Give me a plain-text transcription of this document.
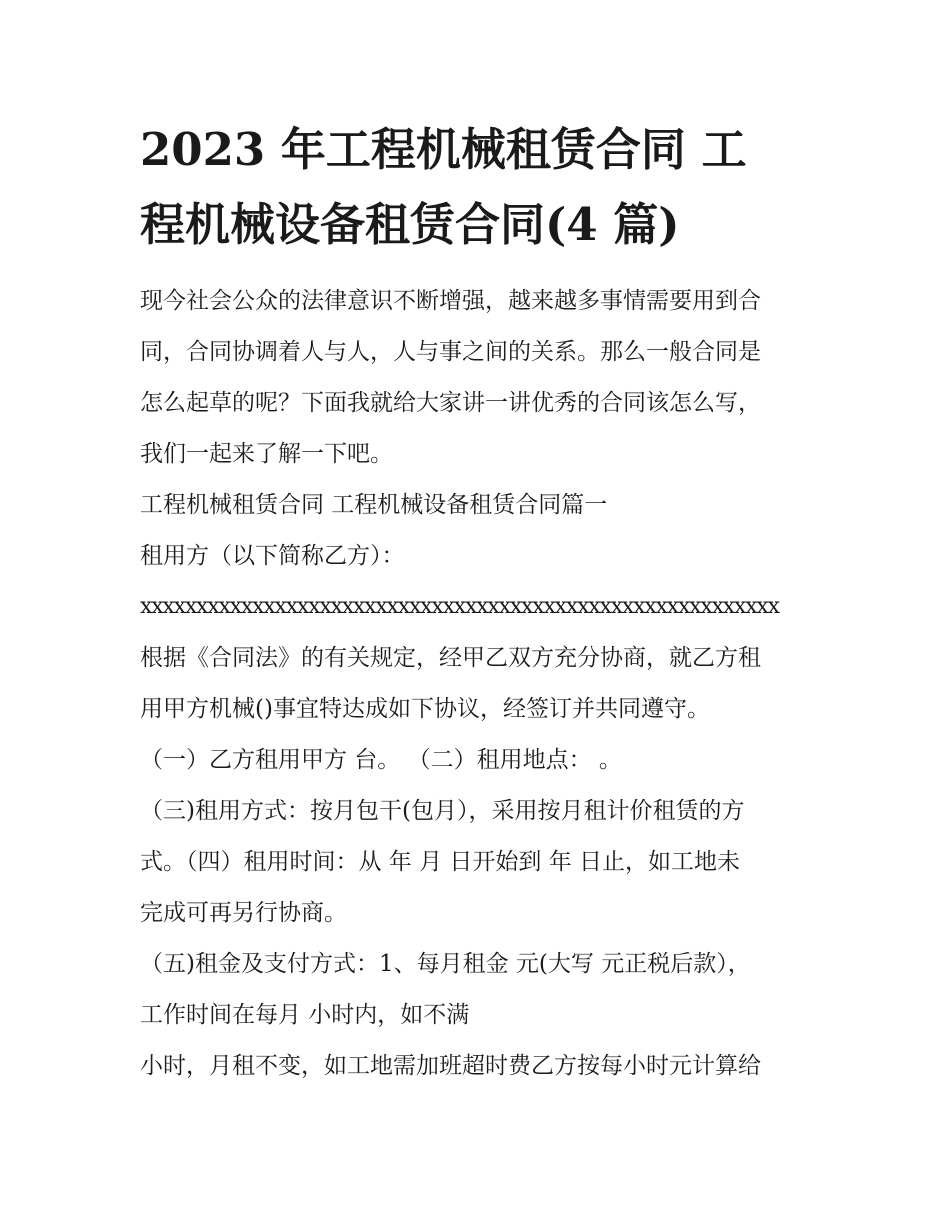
2023 年工程机械租赁合同 工
程机械设备租赁合同(4 篇)
现今社会公众的法律意识不断增强，越来越多事情需要用到合
同，合同协调着人与人，人与事之间的关系。那么一般合同是
怎么起草的呢？下面我就给大家讲一讲优秀的合同该怎么写，
我们一起来了解一下吧。
工程机械租赁合同 工程机械设备租赁合同篇一
租用方（以下简称乙方）：
xxxxxxxxxxxxxxxxxxxxxxxxxxxxxxxxxxxxxxxxxxxxxxxxxxxxxxxxx
根据《合同法》的有关规定，经甲乙双方充分协商，就乙方租
用甲方机械()事宜特达成如下协议，经签订并共同遵守。
（一）乙方租用甲方 台。 （二）租用地点： 。
（三)租用方式：按月包干(包月），采用按月租计价租赁的方
式。（四）租用时间：从 年 月 日开始到 年 日止，如工地未
完成可再另行协商。
（五)租金及支付方式：1、每月租金 元(大写 元正税后款），
工作时间在每月 小时内，如不满
小时，月租不变，如工地需加班超时费乙方按每小时元计算给
